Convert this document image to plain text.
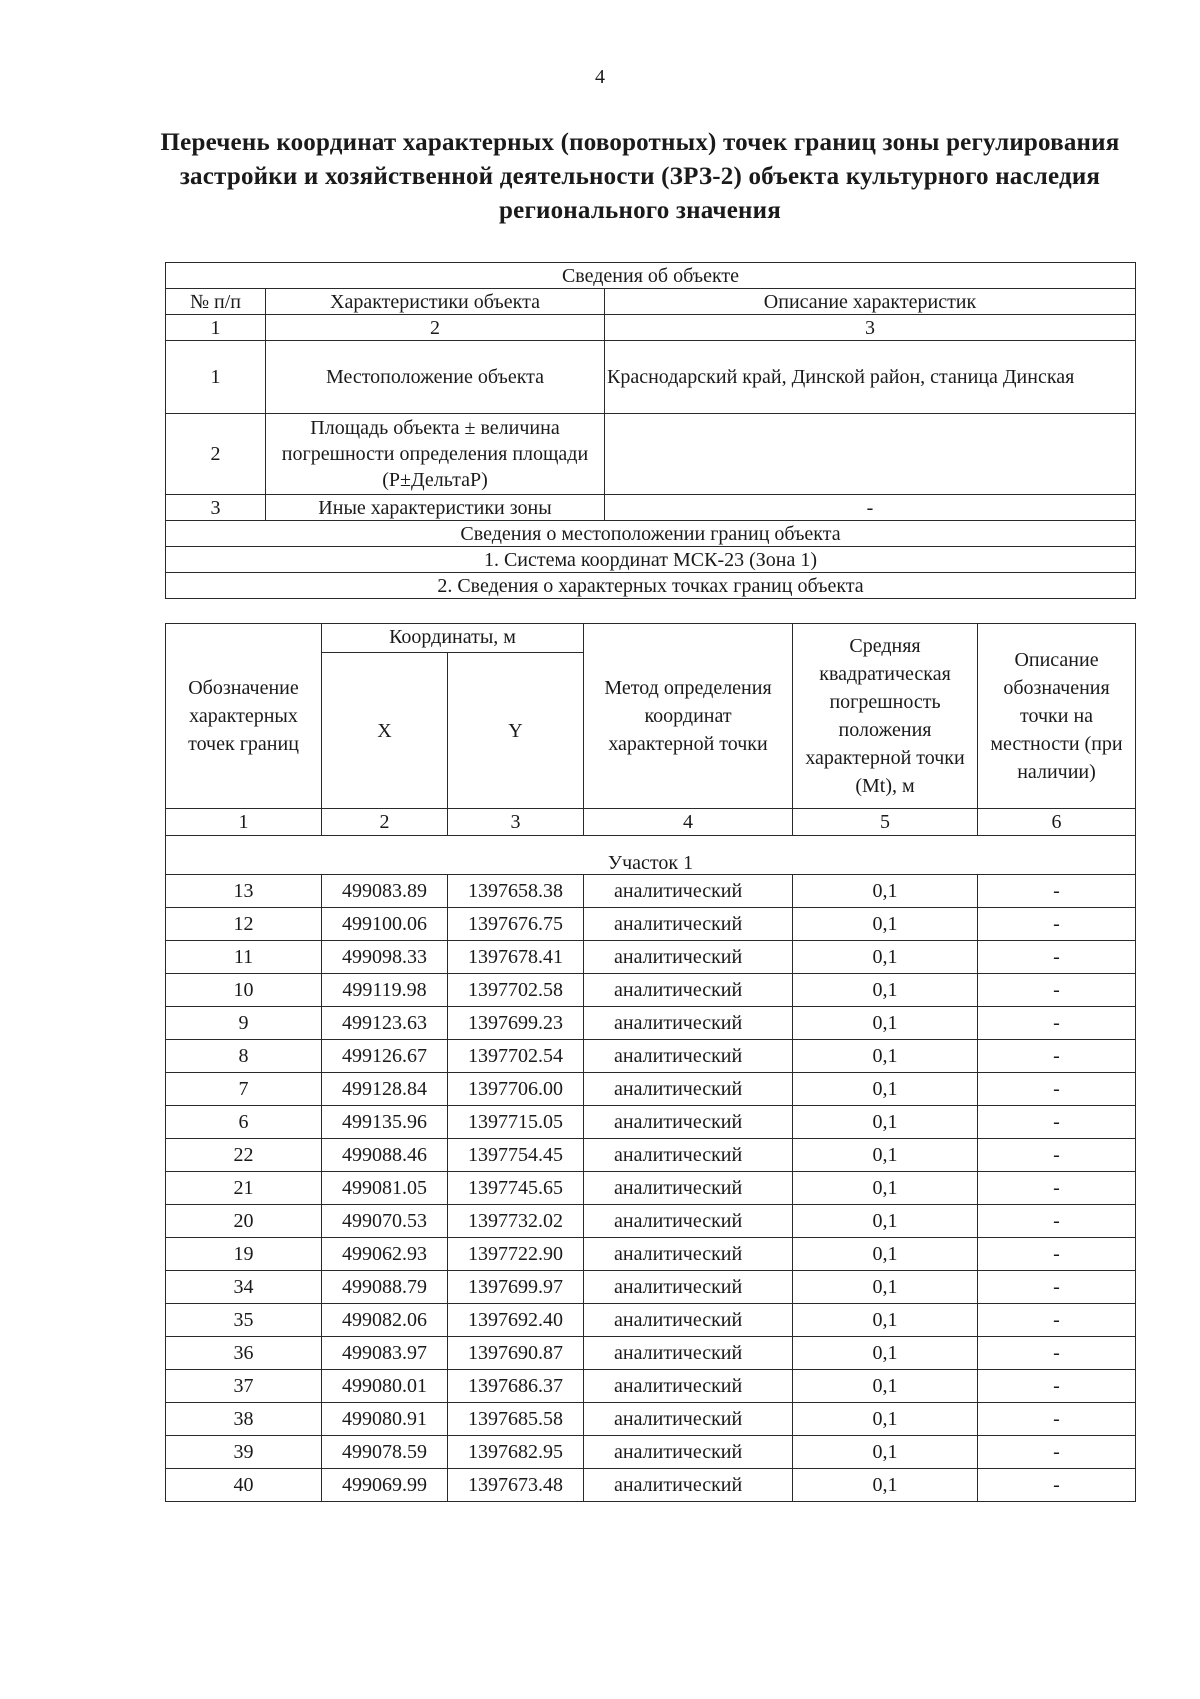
4
Перечень координат характерных (поворотных) точек границ зоны регулирования застройки и хозяйственной деятельности (ЗРЗ-2) объекта культурного наследия регионального значения
Сведения об объекте		
№ п/п	Характеристики объекта	Описание характеристик
1	2	3
1	Местоположение объекта	Краснодарский край, Динской район, станица Динская
2	Площадь объекта ± величина погрешности определения площади (Р±ДельтаР)	
3	Иные характеристики зоны	-
Сведения о местоположении границ объекта		
1. Система координат МСК-23 (Зона 1)		
2. Сведения о характерных точках границ объекта		
Обозначение характерных точек границ	Координаты, м		Метод определения координат характерной точки	Средняя квадратическая погрешность положения характерной точки (Mt), м	Описание обозначения точки на местности (при наличии)
	X	Y			
1	2	3	4	5	6
Участок 1					
13	499083.89	1397658.38	аналитический	0,1	-
12	499100.06	1397676.75	аналитический	0,1	-
11	499098.33	1397678.41	аналитический	0,1	-
10	499119.98	1397702.58	аналитический	0,1	-
9	499123.63	1397699.23	аналитический	0,1	-
8	499126.67	1397702.54	аналитический	0,1	-
7	499128.84	1397706.00	аналитический	0,1	-
6	499135.96	1397715.05	аналитический	0,1	-
22	499088.46	1397754.45	аналитический	0,1	-
21	499081.05	1397745.65	аналитический	0,1	-
20	499070.53	1397732.02	аналитический	0,1	-
19	499062.93	1397722.90	аналитический	0,1	-
34	499088.79	1397699.97	аналитический	0,1	-
35	499082.06	1397692.40	аналитический	0,1	-
36	499083.97	1397690.87	аналитический	0,1	-
37	499080.01	1397686.37	аналитический	0,1	-
38	499080.91	1397685.58	аналитический	0,1	-
39	499078.59	1397682.95	аналитический	0,1	-
40	499069.99	1397673.48	аналитический	0,1	-
